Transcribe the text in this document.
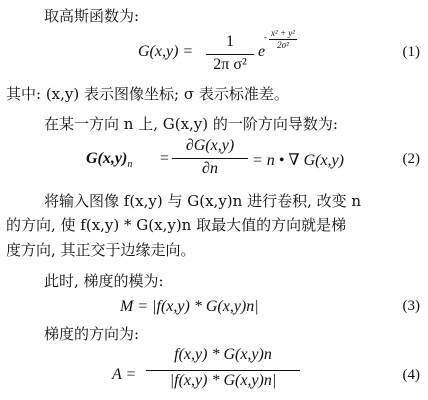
取高斯函数为:
G(x,y) =
1
2π σ²
e
- x² + y²
2σ²	(1)
其中: (x,y) 表示图像坐标; σ 表示标准差。
在某一方向 n 上, G(x,y) 的一阶方向导数为:
$G(x,y)_n$ =
∂G(x,y)
∂n	= n • ∇ G(x,y)	(2)
将输入图像 f(x,y) 与 G(x,y)n 进行卷积, 改变 n
的方向, 使 f(x,y) * G(x,y)n 取最大值的方向就是梯
度方向, 其正交于边缘走向。
此时, 梯度的模为:
M = |f(x,y) * G(x,y)n|	(3)
梯度的方向为:
A =
f(x,y) * G(x,y)n
|f(x,y) * G(x,y)n|	(4)
